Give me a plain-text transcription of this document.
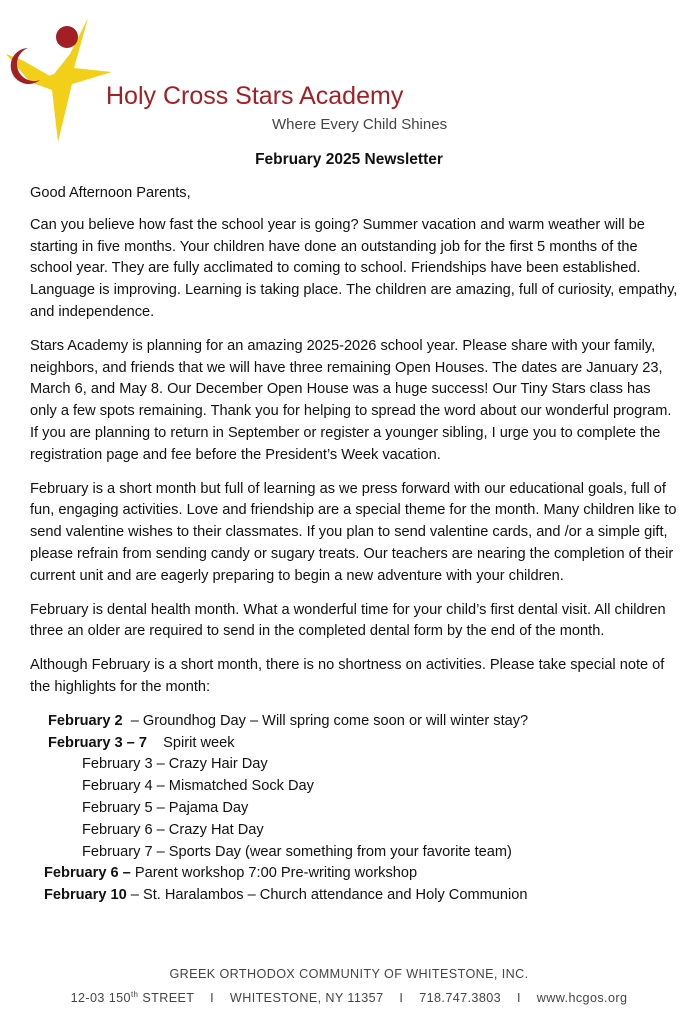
Holy Cross Stars Academy
Where Every Child Shines
February 2025 Newsletter

Good Afternoon Parents,

Can you believe how fast the school year is going? Summer vacation and warm weather will be starting in five months. Your children have done an outstanding job for the first 5 months of the school year. They are fully acclimated to coming to school. Friendships have been established. Language is improving. Learning is taking place. The children are amazing, full of curiosity, empathy, and independence.

Stars Academy is planning for an amazing 2025-2026 school year. Please share with your family, neighbors, and friends that we will have three remaining Open Houses. The dates are January 23, March 6, and May 8. Our December Open House was a huge success! Our Tiny Stars class has only a few spots remaining. Thank you for helping to spread the word about our wonderful program. If you are planning to return in September or register a younger sibling, I urge you to complete the registration page and fee before the President’s Week vacation.

February is a short month but full of learning as we press forward with our educational goals, full of fun, engaging activities. Love and friendship are a special theme for the month. Many children like to send valentine wishes to their classmates. If you plan to send valentine cards, and /or a simple gift, please refrain from sending candy or sugary treats. Our teachers are nearing the completion of their current unit and are eagerly preparing to begin a new adventure with your children.

February is dental health month. What a wonderful time for your child’s first dental visit. All children three an older are required to send in the completed dental form by the end of the month.

Although February is a short month, there is no shortness on activities. Please take special note of the highlights for the month:

February 2  – Groundhog Day – Will spring come soon or will winter stay?
February 3 – 7    Spirit week
February 3 – Crazy Hair Day
February 4 – Mismatched Sock Day
February 5 – Pajama Day
February 6 – Crazy Hat Day
February 7 – Sports Day (wear something from your favorite team)
February 6 – Parent workshop 7:00 Pre-writing workshop
February 10 – St. Haralambos – Church attendance and Holy Communion
GREEK ORTHODOX COMMUNITY OF WHITESTONE, INC.
12-03 150th STREET I WHITESTONE, NY 11357 I 718.747.3803 I www.hcgos.org
